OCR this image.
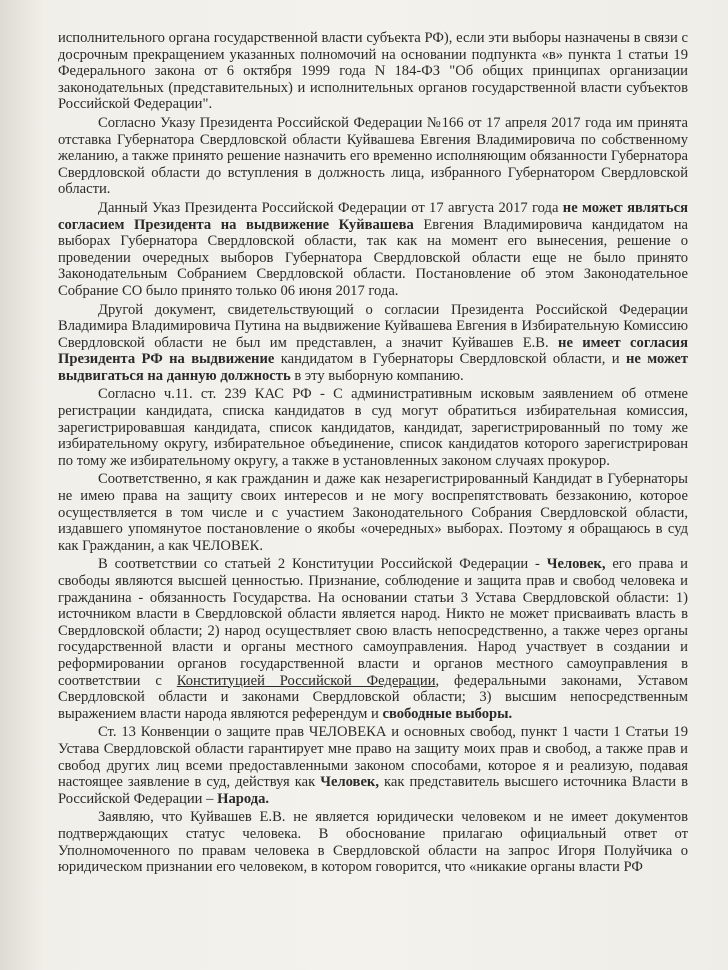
исполнительного органа государственной власти субъекта РФ), если эти выборы назначены в связи с досрочным прекращением указанных полномочий на основании подпункта «в» пункта 1 статьи 19 Федерального закона от 6 октября 1999 года N 184-ФЗ "Об общих принципах организации законодательных (представительных) и исполнительных органов государственной власти субъектов Российской Федерации".

Согласно Указу Президента Российской Федерации №166 от 17 апреля 2017 года им принята отставка Губернатора Свердловской области Куйвашева Евгения Владимировича по собственному желанию, а также принято решение назначить его временно исполняющим обязанности Губернатора Свердловской области до вступления в должность лица, избранного Губернатором Свердловской области.

Данный Указ Президента Российской Федерации от 17 августа 2017 года не может являться согласием Президента на выдвижение Куйвашева Евгения Владимировича кандидатом на выборах Губернатора Свердловской области, так как на момент его вынесения, решение о проведении очередных выборов Губернатора Свердловской области еще не было принято Законодательным Собранием Свердловской области. Постановление об этом Законодательное Собрание СО было принято только 06 июня 2017 года.

Другой документ, свидетельствующий о согласии Президента Российской Федерации Владимира Владимировича Путина на выдвижение Куйвашева Евгения в Избирательную Комиссию Свердловской области не был им представлен, а значит Куйвашев Е.В. не имеет согласия Президента РФ на выдвижение кандидатом в Губернаторы Свердловской области, и не может выдвигаться на данную должность в эту выборную компанию.

Согласно ч.11. ст. 239 КАС РФ - С административным исковым заявлением об отмене регистрации кандидата, списка кандидатов в суд могут обратиться избирательная комиссия, зарегистрировавшая кандидата, список кандидатов, кандидат, зарегистрированный по тому же избирательному округу, избирательное объединение, список кандидатов которого зарегистрирован по тому же избирательному округу, а также в установленных законом случаях прокурор.

Соответственно, я как гражданин и даже как незарегистрированный Кандидат в Губернаторы не имею права на защиту своих интересов и не могу воспрепятствовать беззаконию, которое осуществляется в том числе и с участием Законодательного Собрания Свердловской области, издавшего упомянутое постановление о якобы «очередных» выборах. Поэтому я обращаюсь в суд как Гражданин, а как ЧЕЛОВЕК.

В соответствии со статьей 2 Конституции Российской Федерации - Человек, его права и свободы являются высшей ценностью. Признание, соблюдение и защита прав и свобод человека и гражданина - обязанность Государства. На основании статьи 3 Устава Свердловской области: 1) источником власти в Свердловской области является народ. Никто не может присваивать власть в Свердловской области; 2) народ осуществляет свою власть непосредственно, а также через органы государственной власти и органы местного самоуправления. Народ участвует в создании и реформировании органов государственной власти и органов местного самоуправления в соответствии с Конституцией Российской Федерации, федеральными законами, Уставом Свердловской области и законами Свердловской области; 3) высшим непосредственным выражением власти народа являются референдум и свободные выборы.

Ст. 13 Конвенции о защите прав ЧЕЛОВЕКА и основных свобод, пункт 1 части 1 Статьи 19 Устава Свердловской области гарантирует мне право на защиту моих прав и свобод, а также прав и свобод других лиц всеми предоставленными законом способами, которое я и реализую, подавая настоящее заявление в суд, действуя как Человек, как представитель высшего источника Власти в Российской Федерации – Народа.

Заявляю, что Куйвашев Е.В. не является юридически человеком и не имеет документов подтверждающих статус человека. В обоснование прилагаю официальный ответ от Уполномоченного по правам человека в Свердловской области на запрос Игоря Полуйчика о юридическом признании его человеком, в котором говорится, что «никакие органы власти РФ
